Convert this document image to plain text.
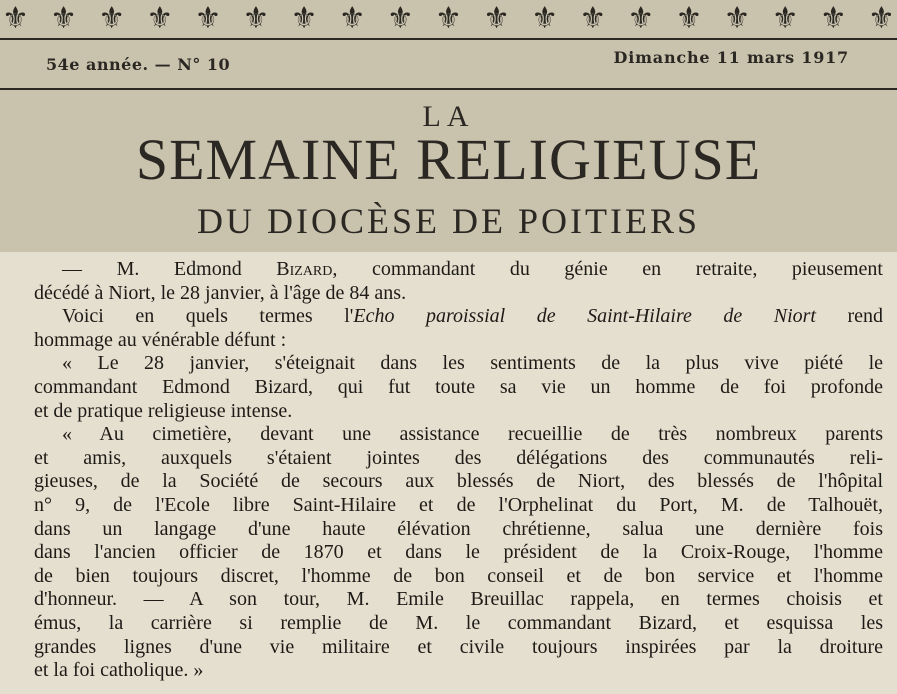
⚜ ⚜ ⚜ ⚜ ⚜ ⚜ ⚜ ⚜ ⚜ ⚜ ⚜ ⚜ ⚜ ⚜ ⚜ ⚜ ⚜ ⚜ ⚜
54e année. — N° 10	Dimanche 11 mars 1917
LA
SEMAINE RELIGIEUSE
DU DIOCÈSE DE POITIERS

— M. Edmond Bizard, commandant du génie en retraite, pieusement
décédé à Niort, le 28 janvier, à l'âge de 84 ans.

Voici en quels termes l'Echo paroissial de Saint-Hilaire de Niort rend
hommage au vénérable défunt :

« Le 28 janvier, s'éteignait dans les sentiments de la plus vive piété le
commandant Edmond Bizard, qui fut toute sa vie un homme de foi profonde
et de pratique religieuse intense.

« Au cimetière, devant une assistance recueillie de très nombreux parents
et amis, auxquels s'étaient jointes des délégations des communautés reli-
gieuses, de la Société de secours aux blessés de Niort, des blessés de l'hôpital
n° 9, de l'Ecole libre Saint-Hilaire et de l'Orphelinat du Port, M. de Talhouët,
dans un langage d'une haute élévation chrétienne, salua une dernière fois
dans l'ancien officier de 1870 et dans le président de la Croix-Rouge, l'homme
de bien toujours discret, l'homme de bon conseil et de bon service et l'homme
d'honneur. — A son tour, M. Emile Breuillac rappela, en termes choisis et
émus, la carrière si remplie de M. le commandant Bizard, et esquissa les
grandes lignes d'une vie militaire et civile toujours inspirées par la droiture
et la foi catholique. »
